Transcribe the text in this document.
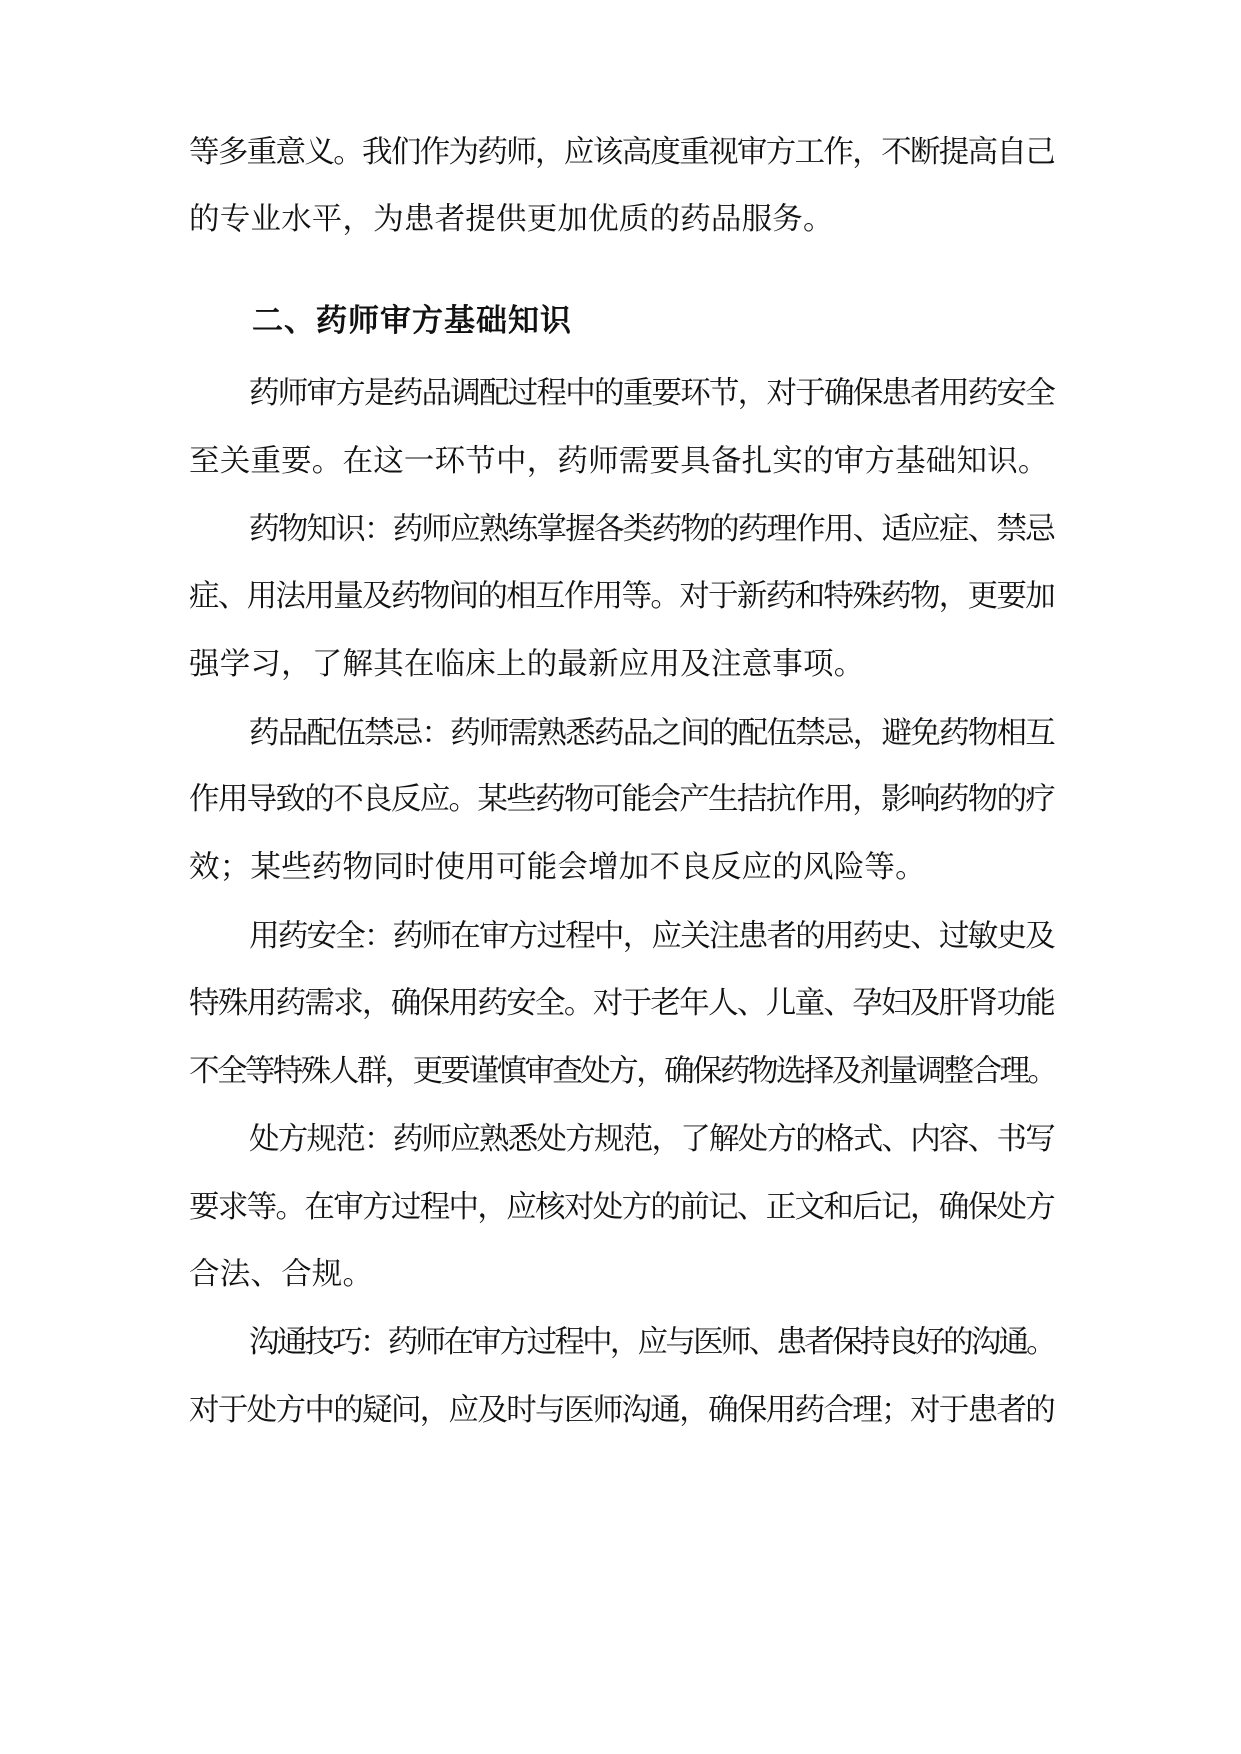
等多重意义。我们作为药师，应该高度重视审方工作，不断提高自己
的专业水平，为患者提供更加优质的药品服务。
二、药师审方基础知识
药师审方是药品调配过程中的重要环节，对于确保患者用药安全
至关重要。在这一环节中，药师需要具备扎实的审方基础知识。
药物知识：药师应熟练掌握各类药物的药理作用、适应症、禁忌
症、用法用量及药物间的相互作用等。对于新药和特殊药物，更要加
强学习，了解其在临床上的最新应用及注意事项。
药品配伍禁忌：药师需熟悉药品之间的配伍禁忌，避免药物相互
作用导致的不良反应。某些药物可能会产生拮抗作用，影响药物的疗
效；某些药物同时使用可能会增加不良反应的风险等。
用药安全：药师在审方过程中，应关注患者的用药史、过敏史及
特殊用药需求，确保用药安全。对于老年人、儿童、孕妇及肝肾功能
不全等特殊人群，更要谨慎审查处方，确保药物选择及剂量调整合理。
处方规范：药师应熟悉处方规范，了解处方的格式、内容、书写
要求等。在审方过程中，应核对处方的前记、正文和后记，确保处方
合法、合规。
沟通技巧：药师在审方过程中，应与医师、患者保持良好的沟通。
对于处方中的疑问，应及时与医师沟通，确保用药合理；对于患者的
